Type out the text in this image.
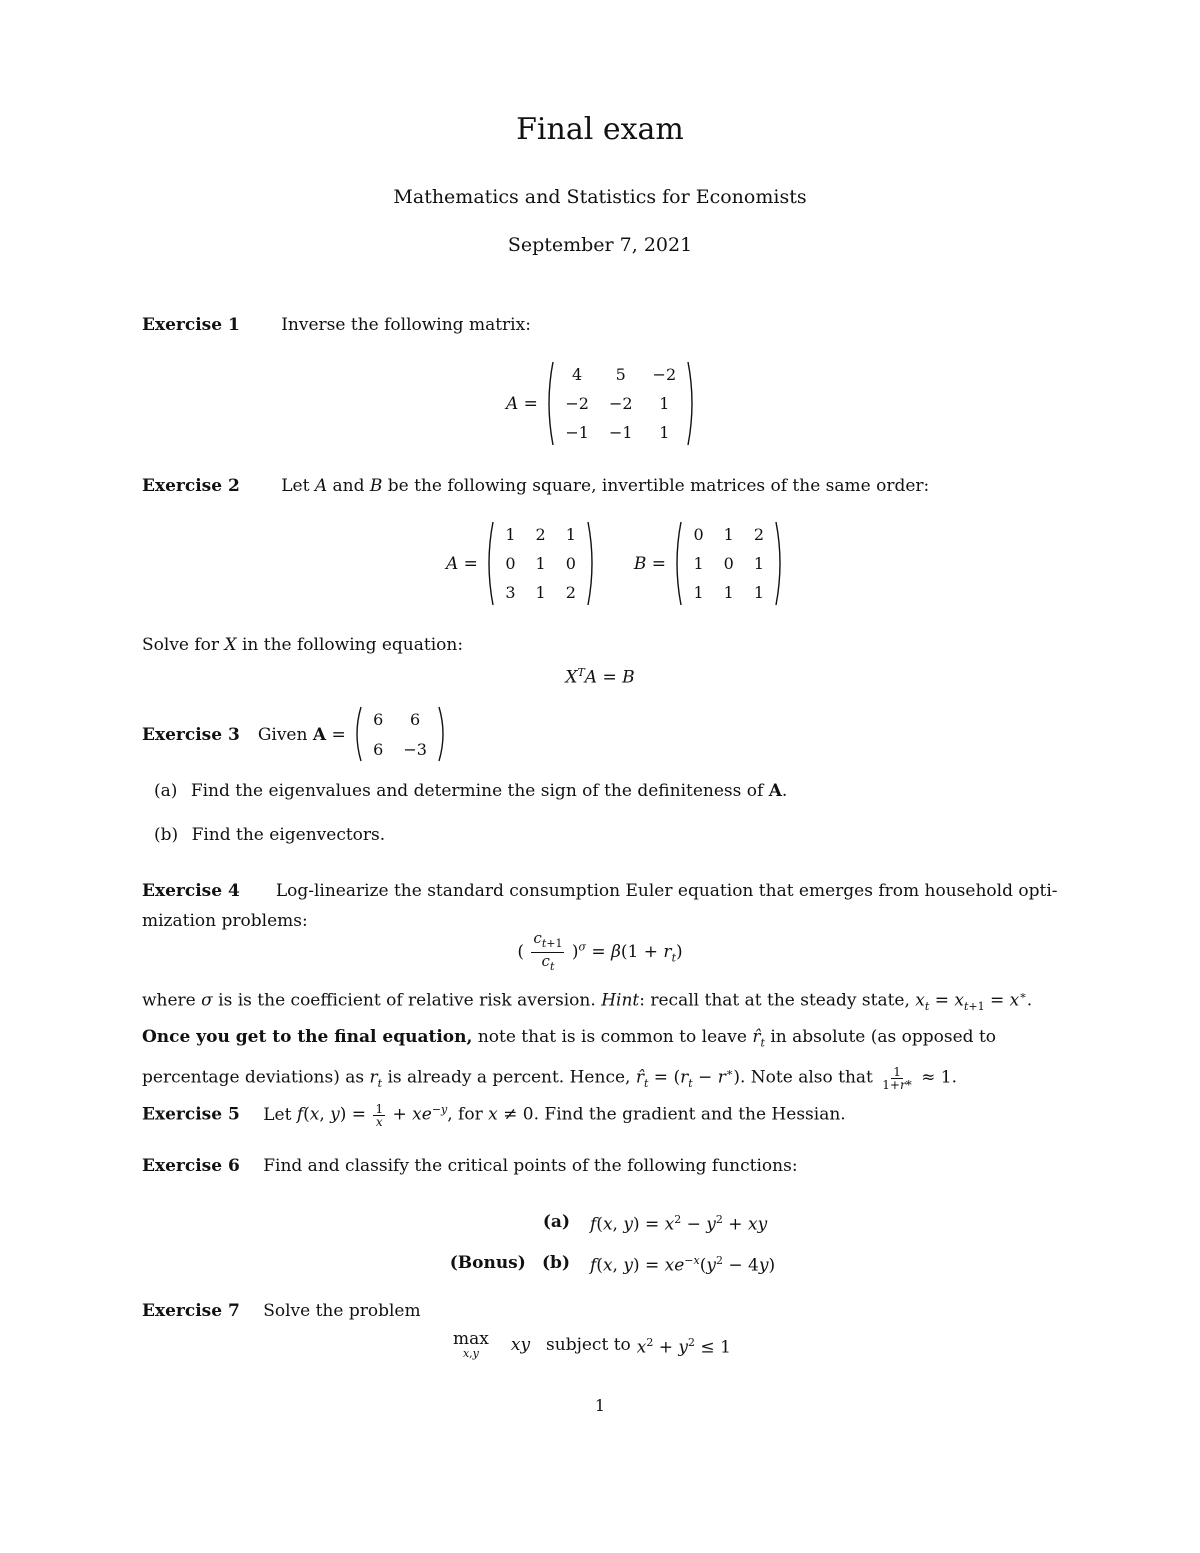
Final exam
Mathematics and Statistics for Economists
September 7, 2021
Exercise 1 Inverse the following matrix:
A =
4	5	−2
−2	−2	1
−1	−1	1
Exercise 2 Let A and B be the following square, invertible matrices of the same order:
A =
1	2	1
0	1	0
3	1	2
B =
0	1	2
1	0	1
1	1	1
Solve for X in the following equation:
$X^TA = B$
Exercise 3 Given
A =
6	6
6	−3
(a) Find the eigenvalues and determine the sign of the definiteness of A.
(b) Find the eigenvectors.
Exercise 4 Log-linearize the standard consumption Euler equation that emerges from household opti-
mization problems:
( $\frac{c_{t+1}}{c_t} )^\sigma = \beta(1 + r_t)$
where σ is is the coefficient of relative risk aversion. Hint: recall that at the steady state, $x_t = x_{t+1} = x^∗$.
Once you get to the final equation, note that is is common to leave $r̂_t$ in absolute (as opposed to
percentage deviations) as $r_t$ is already a percent. Hence, $r̂_t = (r_t - r^∗)$. Note also that $\frac{1}{1+r*} \approx 1$.
Exercise 5 Let f(x, $y) = \frac{1}{x} + xe^{-y}$, for x ≠ 0. Find the gradient and the Hessian.
Exercise 6 Find and classify the critical points of the following functions:
(a) f(x, $y) = x^2 - y^2$ + xy
(Bonus) (b) f(x, $y) = xe^{-x}(y^2 - 4y)$
Exercise 7 Solve the problem
max
x,y xy subject to $x^2 + y^2 \le 1$
1
